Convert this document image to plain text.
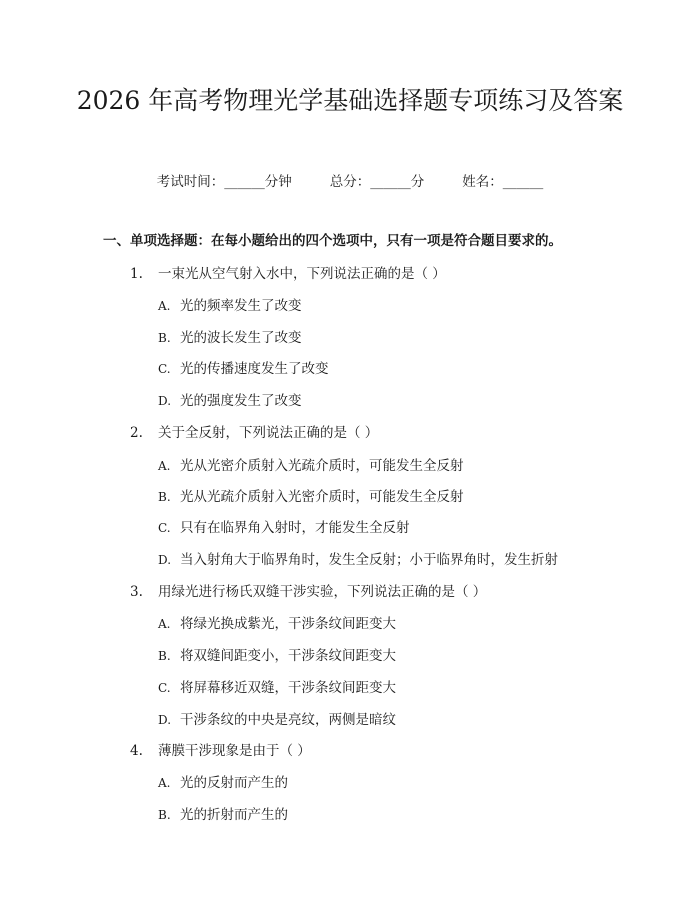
2026 年高考物理光学基础选择题专项练习及答案
考试时间：______分钟	总分：______分	姓名：______
一、单项选择题：在每小题给出的四个选项中，只有一项是符合题目要求的。
1. 一束光从空气射入水中，下列说法正确的是（ ）
A. 光的频率发生了改变
B. 光的波长发生了改变
C. 光的传播速度发生了改变
D. 光的强度发生了改变
2. 关于全反射，下列说法正确的是（ ）
A. 光从光密介质射入光疏介质时，可能发生全反射
B. 光从光疏介质射入光密介质时，可能发生全反射
C. 只有在临界角入射时，才能发生全反射
D. 当入射角大于临界角时，发生全反射；小于临界角时，发生折射
3. 用绿光进行杨氏双缝干涉实验，下列说法正确的是（ ）
A. 将绿光换成紫光，干涉条纹间距变大
B. 将双缝间距变小，干涉条纹间距变大
C. 将屏幕移近双缝，干涉条纹间距变大
D. 干涉条纹的中央是亮纹，两侧是暗纹
4. 薄膜干涉现象是由于（ ）
A. 光的反射而产生的
B. 光的折射而产生的
